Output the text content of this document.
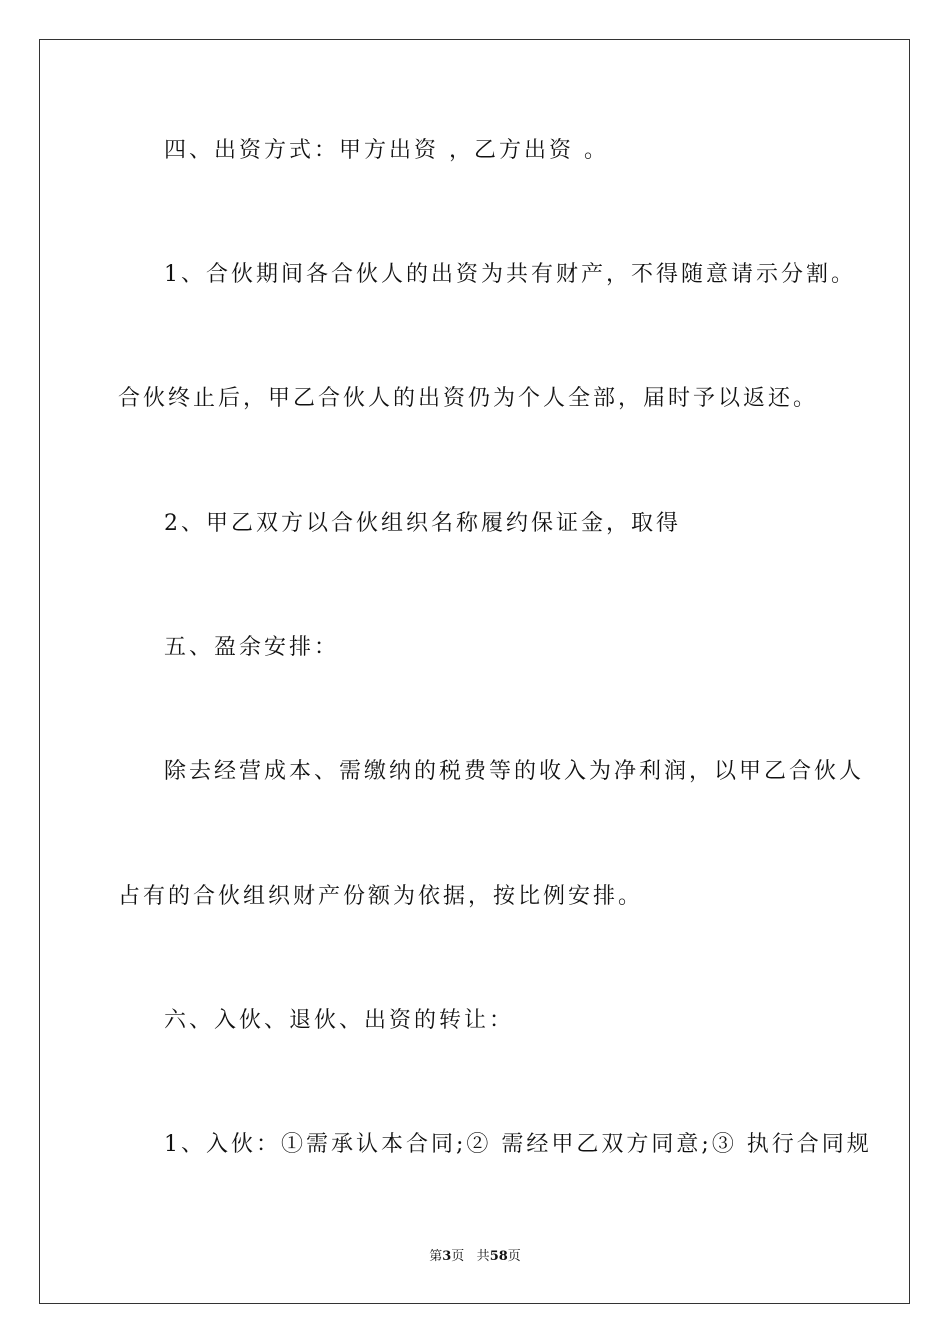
四、出资方式：甲方出资 ，乙方出资 。
1、合伙期间各合伙人的出资为共有财产，不得随意请示分割。
合伙终止后，甲乙合伙人的出资仍为个人全部，届时予以返还。
2、甲乙双方以合伙组织名称履约保证金，取得
五、盈余安排：
除去经营成本、需缴纳的税费等的收入为净利润，以甲乙合伙人
占有的合伙组织财产份额为依据，按比例安排。
六、入伙、退伙、出资的转让：
1、入伙：①需承认本合同;② 需经甲乙双方同意;③ 执行合同规
第3页 共58页
